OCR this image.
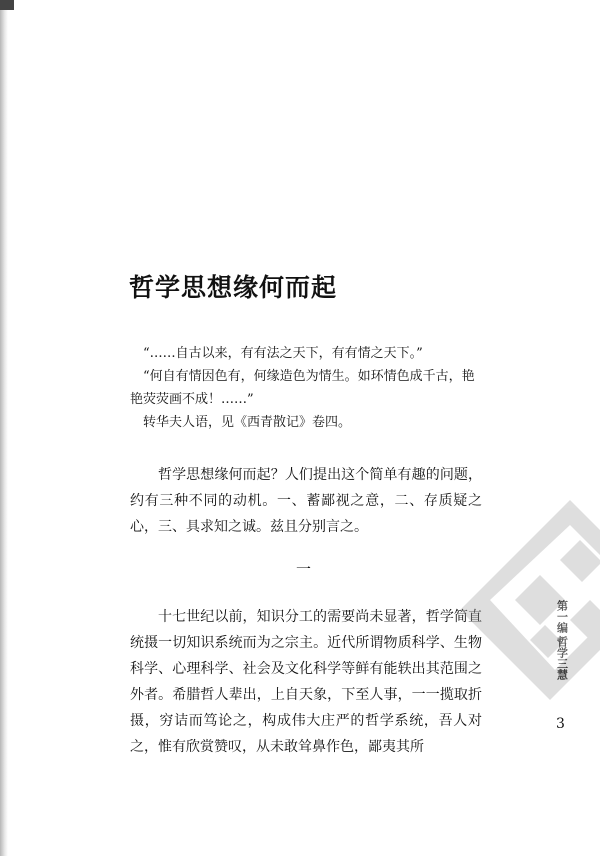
哲学思想缘何而起

“……自古以来，有有法之天下，有有情之天下。”

“何自有情因色有，何缘造色为情生。如环情色成千古，艳艳荧荧画不成！……”

转华夫人语，见《西青散记》卷四。

哲学思想缘何而起？人们提出这个简单有趣的问题，约有三种不同的动机。一、蓄鄙视之意，二、存质疑之心，三、具求知之诚。兹且分别言之。

一

十七世纪以前，知识分工的需要尚未显著，哲学简直统摄一切知识系统而为之宗主。近代所谓物质科学、生物科学、心理科学、社会及文化科学等鲜有能轶出其范围之外者。希腊哲人辈出，上自天象，下至人事，一一揽取折摄，穷诘而笃论之，构成伟大庄严的哲学系统，吾人对之，惟有欣赏赞叹，从未敢耸鼻作色，鄙夷其所

第一编
哲学三慧
3
